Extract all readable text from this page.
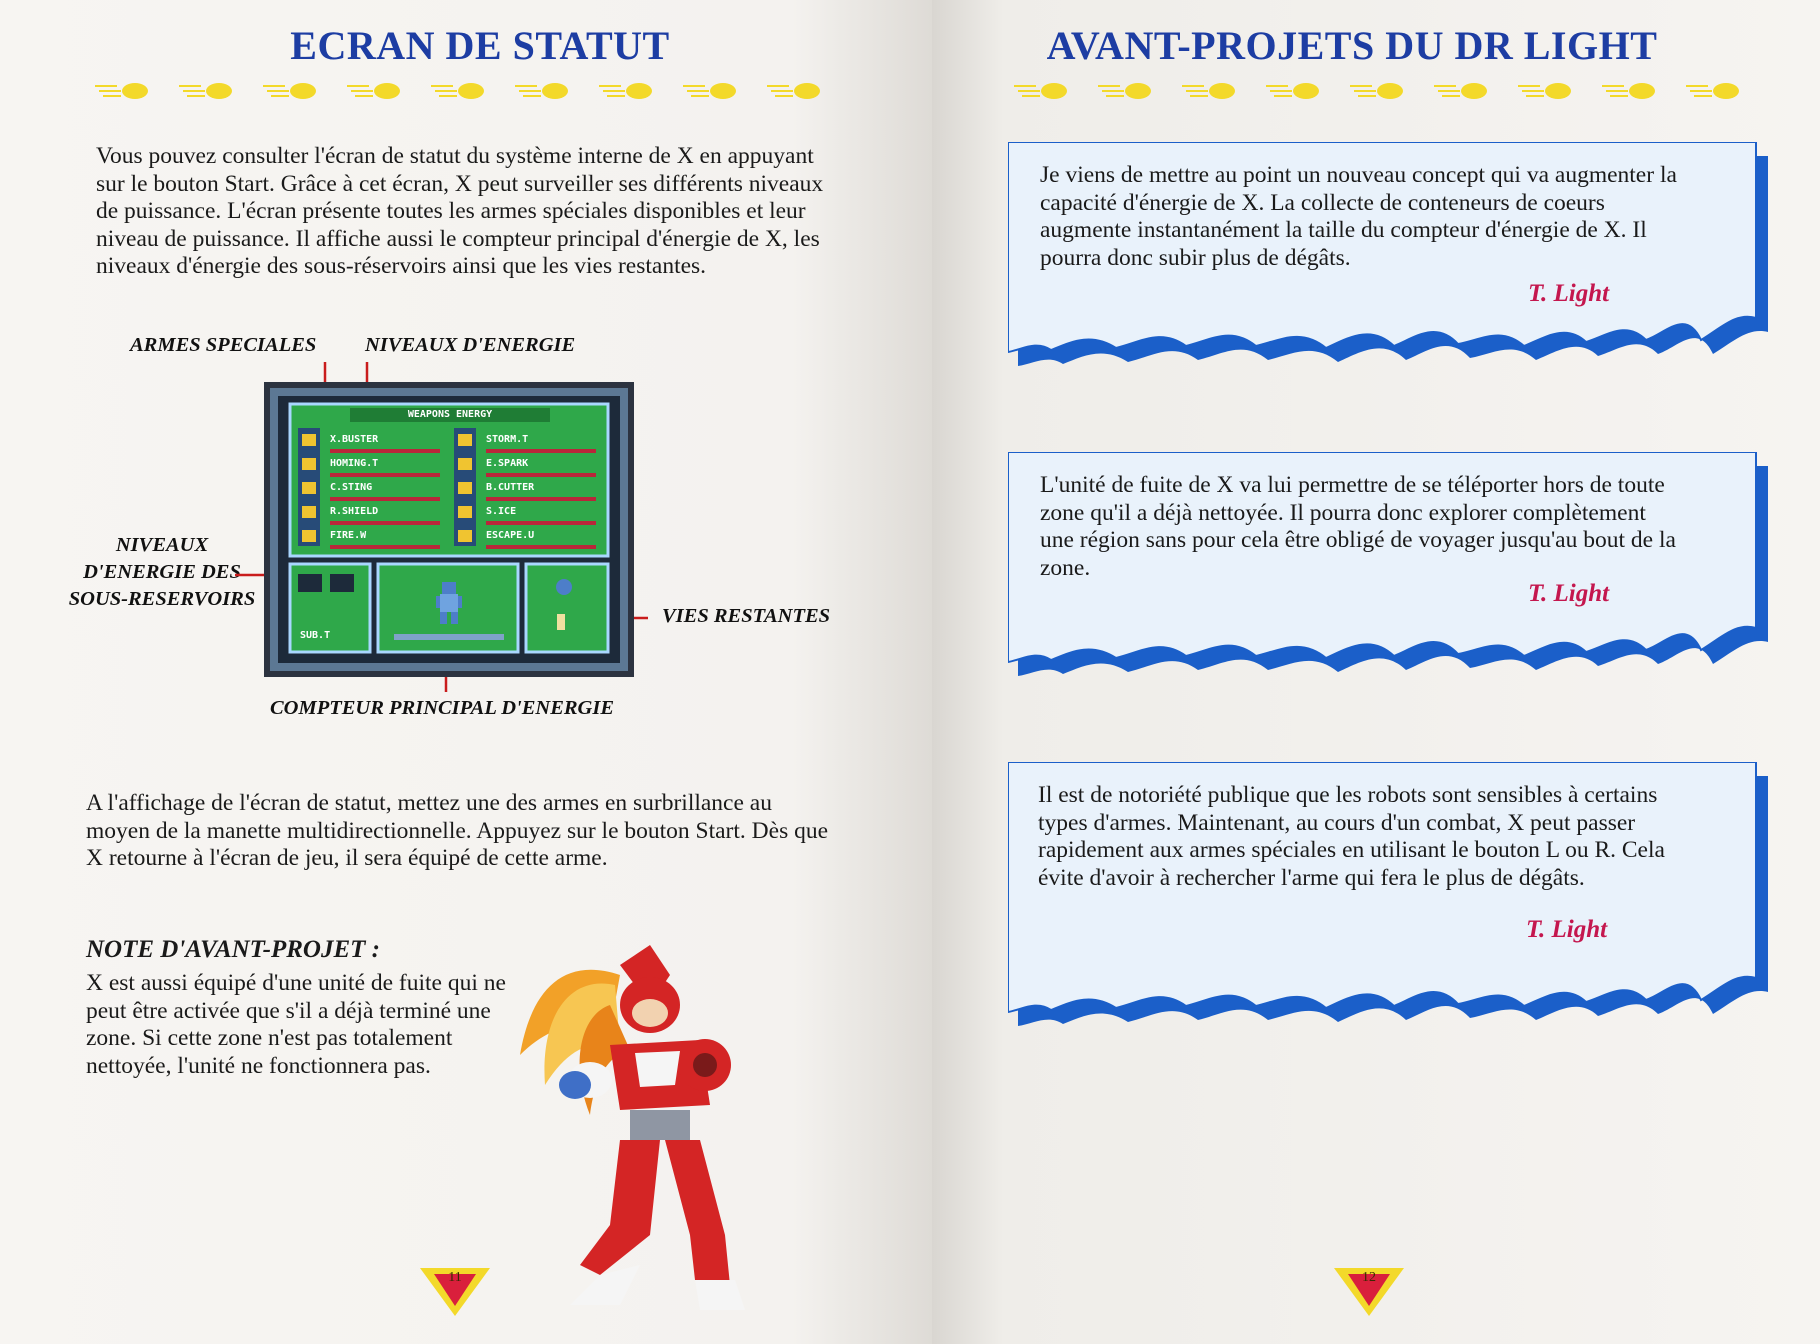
ECRAN DE STATUT

Vous pouvez consulter l'écran de statut du système interne de X en appuyant sur le bouton Start. Grâce à cet écran, X peut surveiller ses différents niveaux de puissance. L'écran présente toutes les armes spéciales disponibles et leur niveau de puissance. Il affiche aussi le compteur principal d'énergie de X, les niveaux d'énergie des sous-réservoirs ainsi que les vies restantes.

ARMES SPECIALES NIVEAUX D'ENERGIE
NIVEAUX D'ENERGIE DES SOUS-RESERVOIRS
VIES RESTANTES
COMPTEUR PRINCIPAL D'ENERGIE
WEAPONS ENERGY
X.BUSTER
HOMING.T
C.STING
R.SHIELD
FIRE.W
STORM.T
E.SPARK
B.CUTTER
S.ICE
ESCAPE.U
SUB.T

A l'affichage de l'écran de statut, mettez une des armes en surbrillance au moyen de la manette multidirectionnelle. Appuyez sur le bouton Start. Dès que X retourne à l'écran de jeu, il sera équipé de cette arme.

NOTE D'AVANT-PROJET :

X est aussi équipé d'une unité de fuite qui ne peut être activée que s'il a déjà terminé une zone. Si cette zone n'est pas totalement nettoyée, l'unité ne fonctionnera pas.

11
AVANT-PROJETS DU DR LIGHT

Je viens de mettre au point un nouveau concept qui va augmenter la capacité d'énergie de X. La collecte de conteneurs de coeurs augmente instantanément la taille du compteur d'énergie de X. Il pourra donc subir plus de dégâts.

T. Light

L'unité de fuite de X va lui permettre de se téléporter hors de toute zone qu'il a déjà nettoyée. Il pourra donc explorer complètement une région sans pour cela être obligé de voyager jusqu'au bout de la zone.

T. Light

Il est de notoriété publique que les robots sont sensibles à certains types d'armes. Maintenant, au cours d'un combat, X peut passer rapidement aux armes spéciales en utilisant le bouton L ou R. Cela évite d'avoir à rechercher l'arme qui fera le plus de dégâts.

T. Light
12
